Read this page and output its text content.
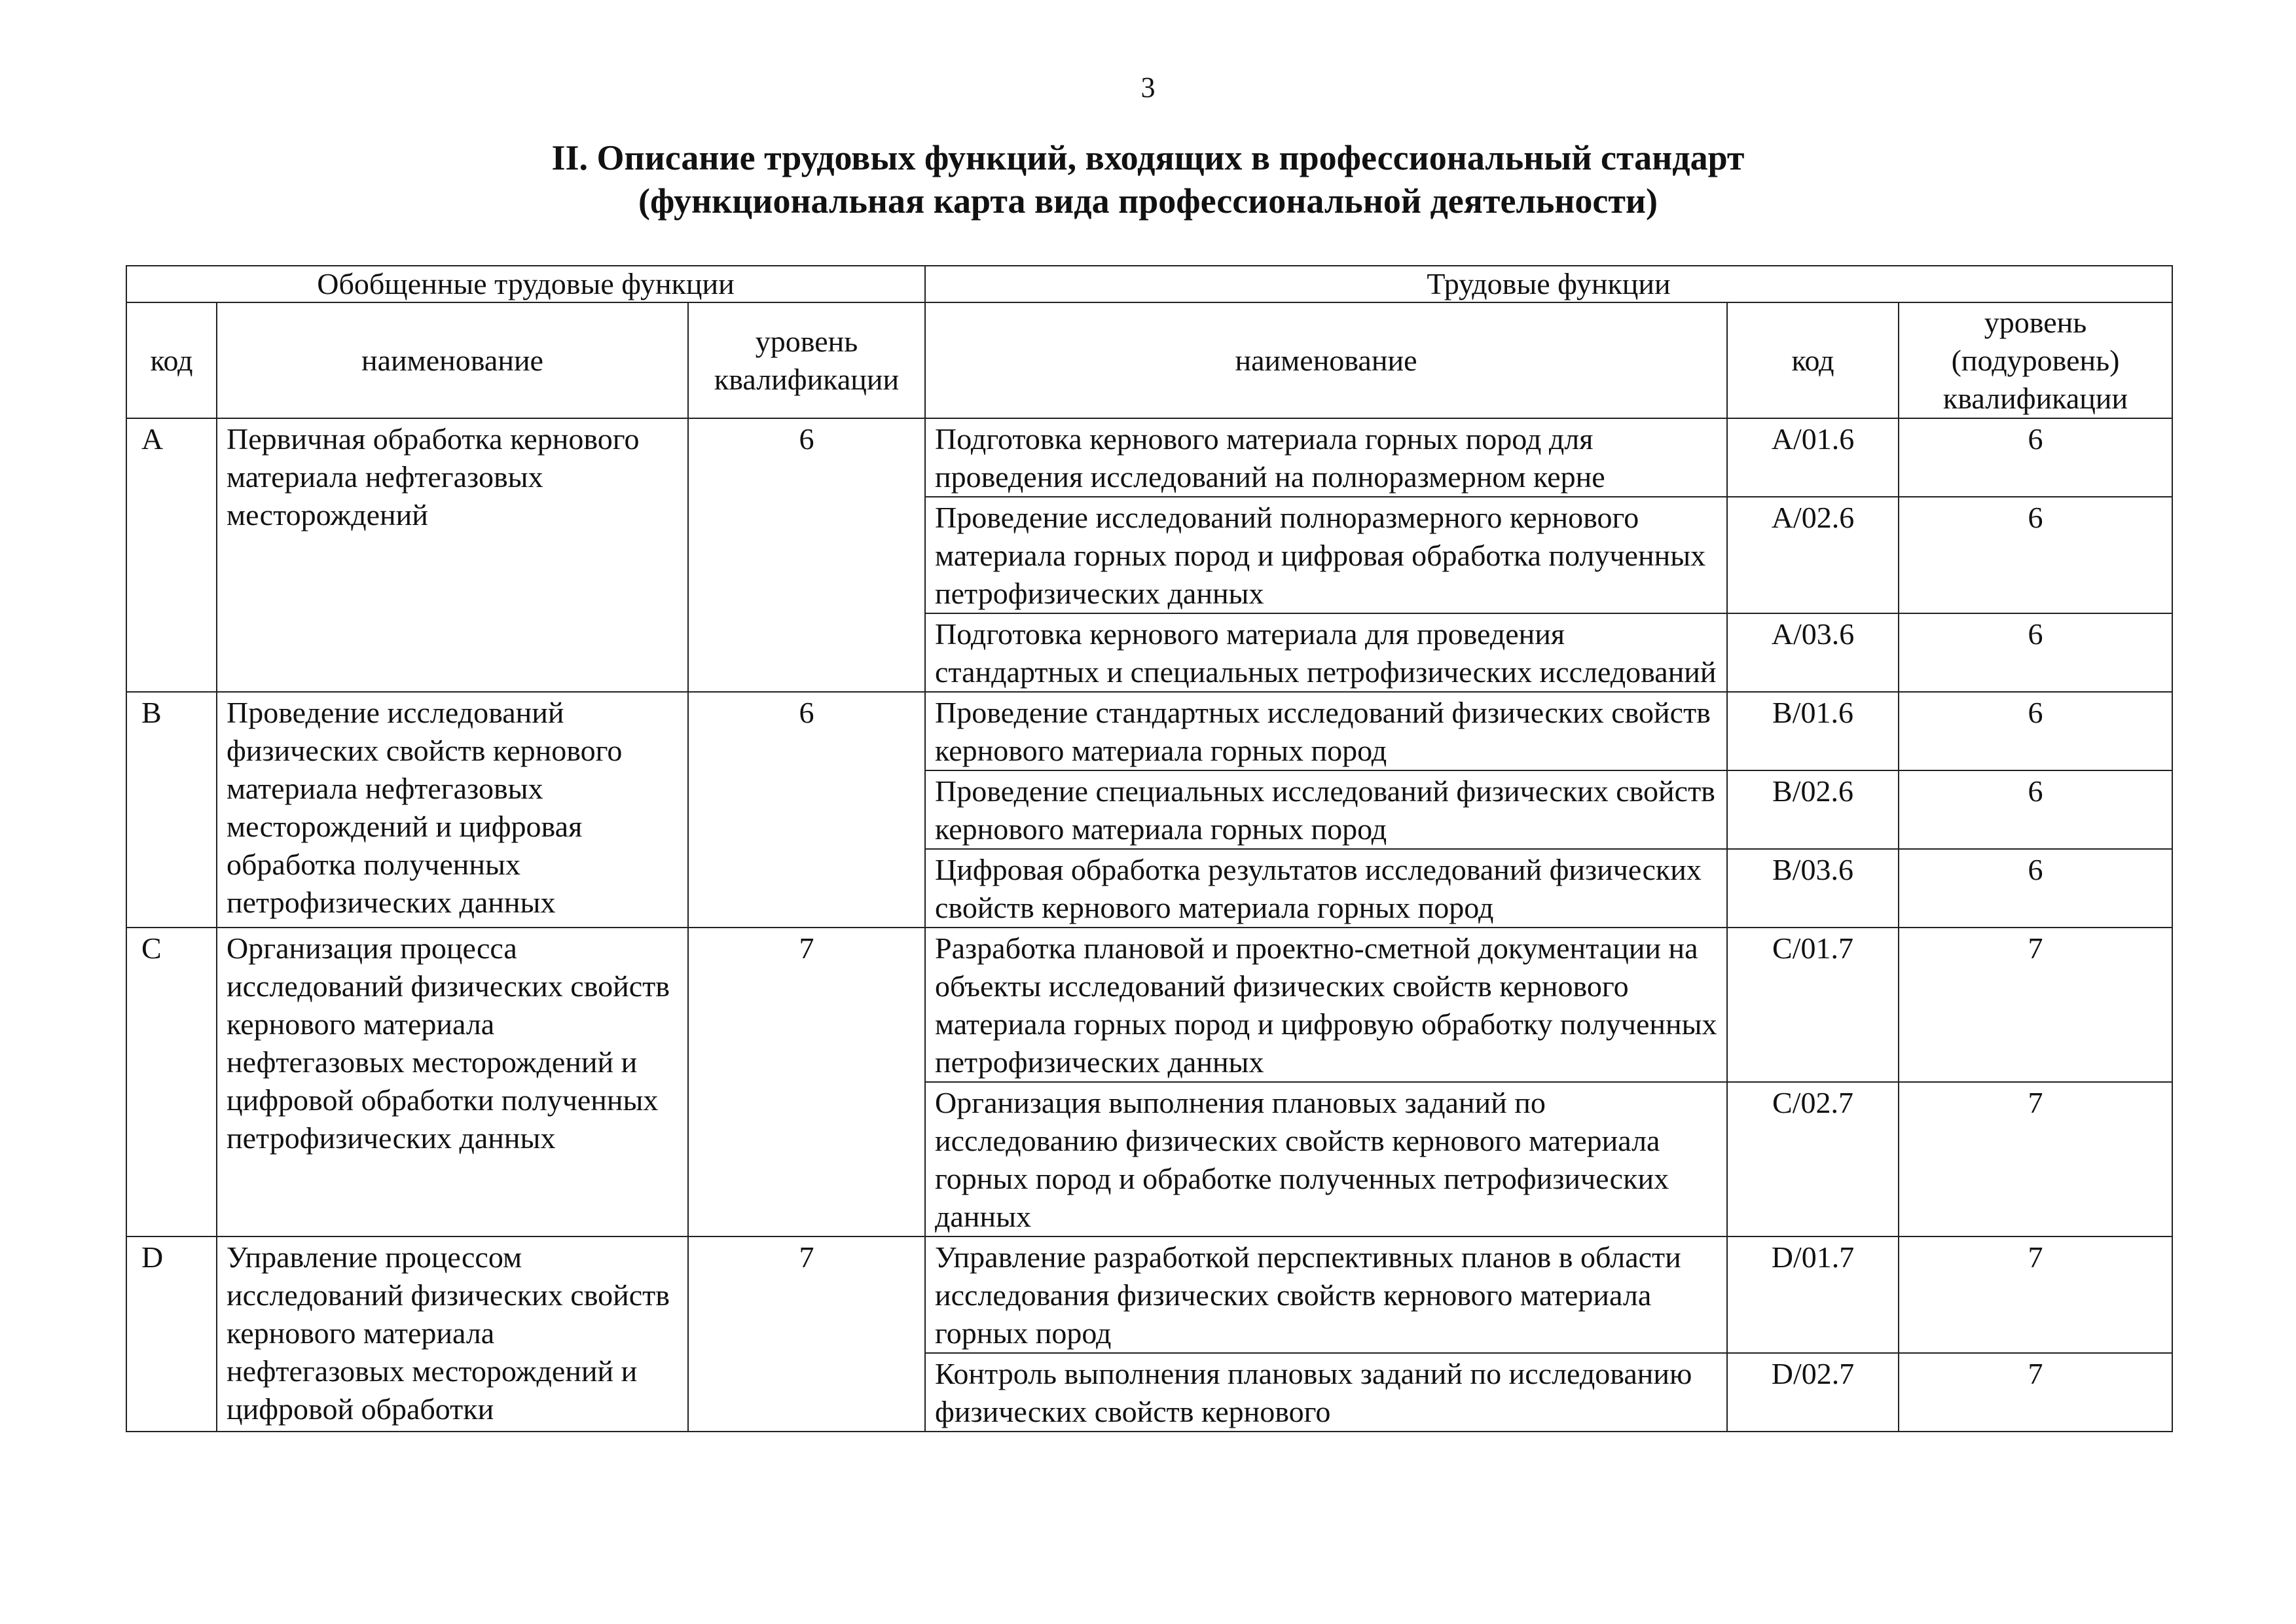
3
II. Описание трудовых функций, входящих в профессиональный стандарт
(функциональная карта вида профессиональной деятельности)
Обобщенные трудовые функции			Трудовые функции		
код	наименование	уровень квалификации	наименование	код	уровень (подуровень) квалификации
A	Первичная обработка кернового материала нефтегазовых месторождений	6	Подготовка кернового материала горных пород для проведения исследований на полноразмерном керне	A/01.6	6
			Проведение исследований полноразмерного кернового материала горных пород и цифровая обработка полученных петрофизических данных	A/02.6	6
			Подготовка кернового материала для проведения стандартных и специальных петрофизических исследований	A/03.6	6
B	Проведение исследований физических свойств кернового материала нефтегазовых месторождений и цифровая обработка полученных петрофизических данных	6	Проведение стандартных исследований физических свойств кернового материала горных пород	B/01.6	6
			Проведение специальных исследований физических свойств кернового материала горных пород	B/02.6	6
			Цифровая обработка результатов исследований физических свойств кернового материала горных пород	B/03.6	6
C	Организация процесса исследований физических свойств кернового материала нефтегазовых месторождений и цифровой обработки полученных петрофизических данных	7	Разработка плановой и проектно-сметной документации на объекты исследований физических свойств кернового материала горных пород и цифровую обработку полученных петрофизических данных	C/01.7	7
			Организация выполнения плановых заданий по исследованию физических свойств кернового материала горных пород и обработке полученных петрофизических данных	C/02.7	7
D	Управление процессом исследований физических свойств кернового материала нефтегазовых месторождений и цифровой обработки	7	Управление разработкой перспективных планов в области исследования физических свойств кернового материала горных пород	D/01.7	7
			Контроль выполнения плановых заданий по исследованию физических свойств кернового	D/02.7	7
